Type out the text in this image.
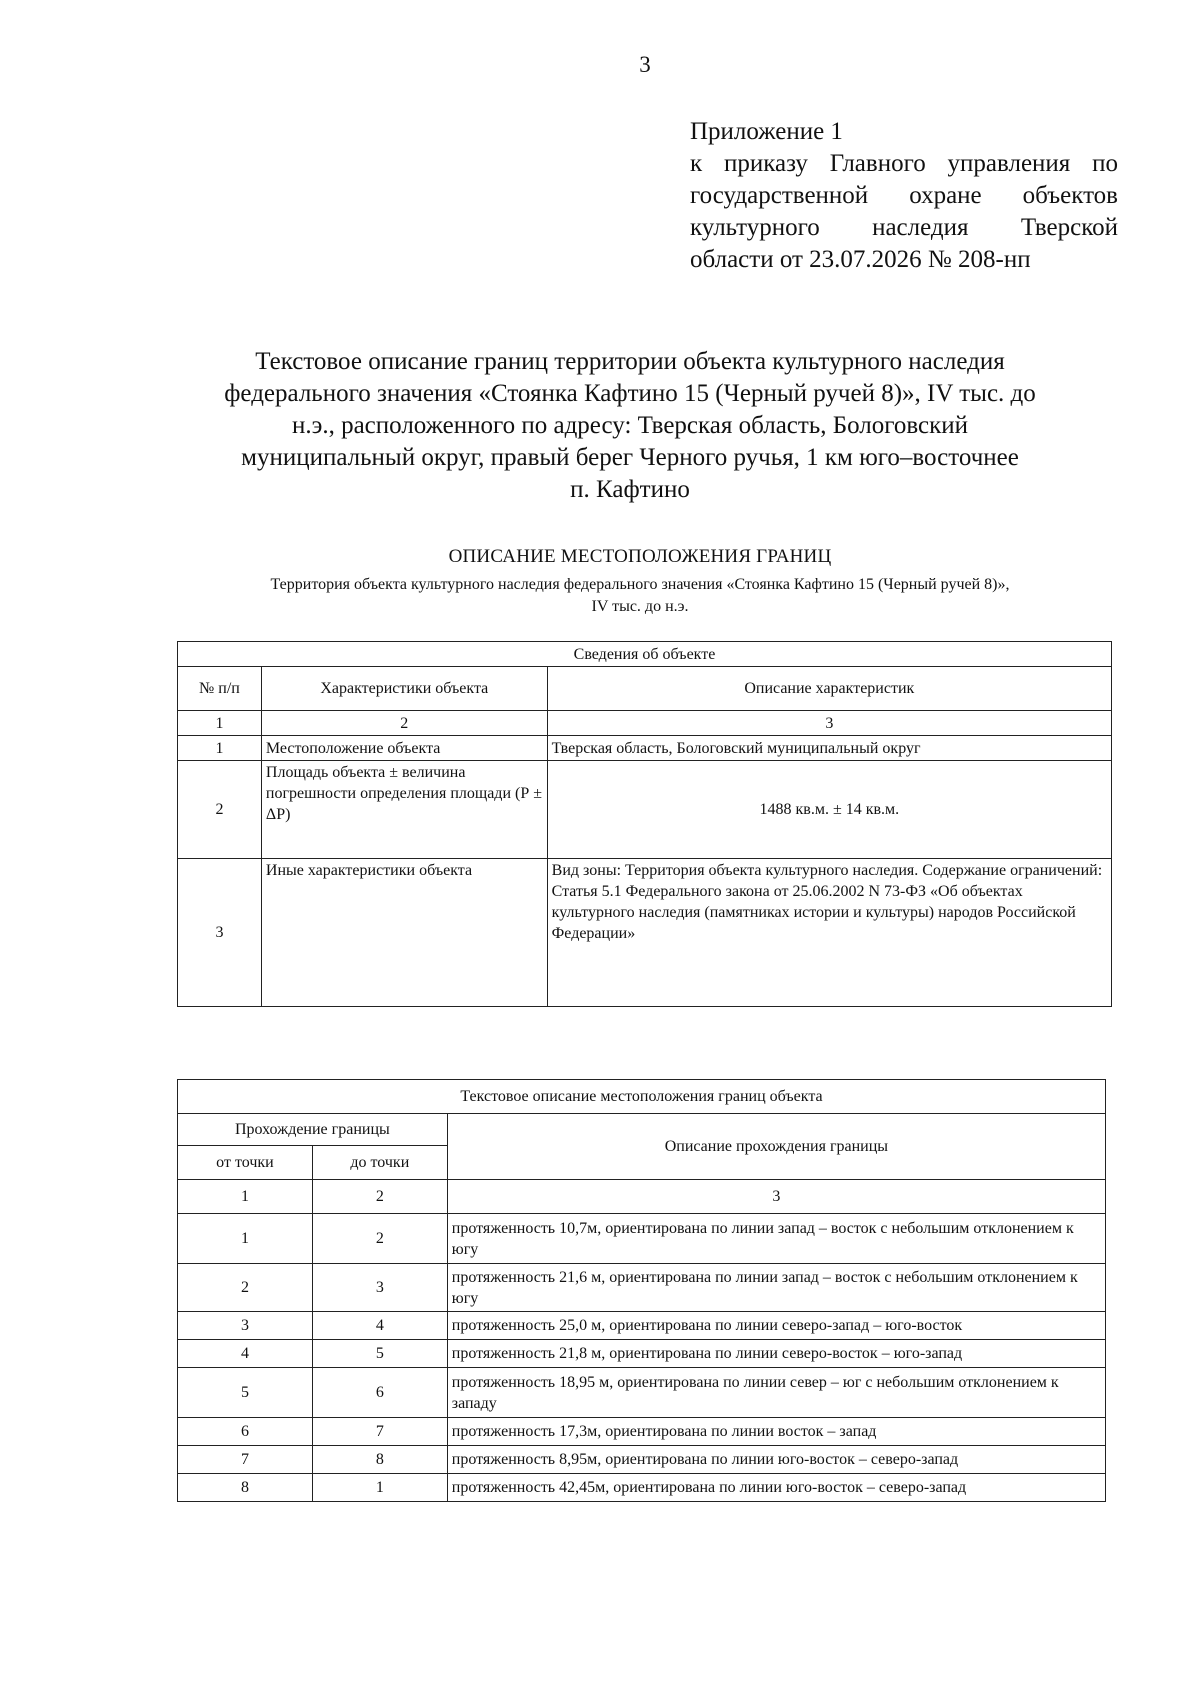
3
Приложение 1
к приказу Главного управления по
государственной охране объектов
культурного наследия Тверской
области от 23.07.2026 № 208-нп
Текстовое описание границ территории объекта культурного наследия
федерального значения «Стоянка Кафтино 15 (Черный ручей 8)», IV тыс. до
н.э., расположенного по адресу: Тверская область, Бологовский
муниципальный округ, правый берег Черного ручья, 1 км юго–восточнее
п. Кафтино
ОПИСАНИЕ МЕСТОПОЛОЖЕНИЯ ГРАНИЦ
Территория объекта культурного наследия федерального значения «Стоянка Кафтино 15 (Черный ручей 8)»,
IV тыс. до н.э.
Сведения об объекте		
№ п/п	Характеристики объекта	Описание характеристик
1	2	3
1	Местоположение объекта	Тверская область, Бологовский муниципальный округ
2	Площадь объекта ± величина погрешности определения площади (Р ± ΔР)	1488 кв.м. ± 14 кв.м.
3	Иные характеристики объекта	Вид зоны: Территория объекта культурного наследия. Содержание ограничений: Статья 5.1 Федерального закона от 25.06.2002 N 73-ФЗ «Об объектах культурного наследия (памятниках истории и культуры) народов Российской Федерации»
Текстовое описание местоположения границ объекта		
Прохождение границы		Описание прохождения границы
от точки	до точки	
1	2	3
1	2	протяженность 10,7м, ориентирована по линии запад – восток с небольшим отклонением к югу
2	3	протяженность 21,6 м, ориентирована по линии запад – восток с небольшим отклонением к югу
3	4	протяженность 25,0 м, ориентирована по линии северо-запад – юго-восток
4	5	протяженность 21,8 м, ориентирована по линии северо-восток – юго-запад
5	6	протяженность 18,95 м, ориентирована по линии север – юг с небольшим отклонением к западу
6	7	протяженность 17,3м, ориентирована по линии восток – запад
7	8	протяженность 8,95м, ориентирована по линии юго-восток – северо-запад
8	1	протяженность 42,45м, ориентирована по линии юго-восток – северо-запад
